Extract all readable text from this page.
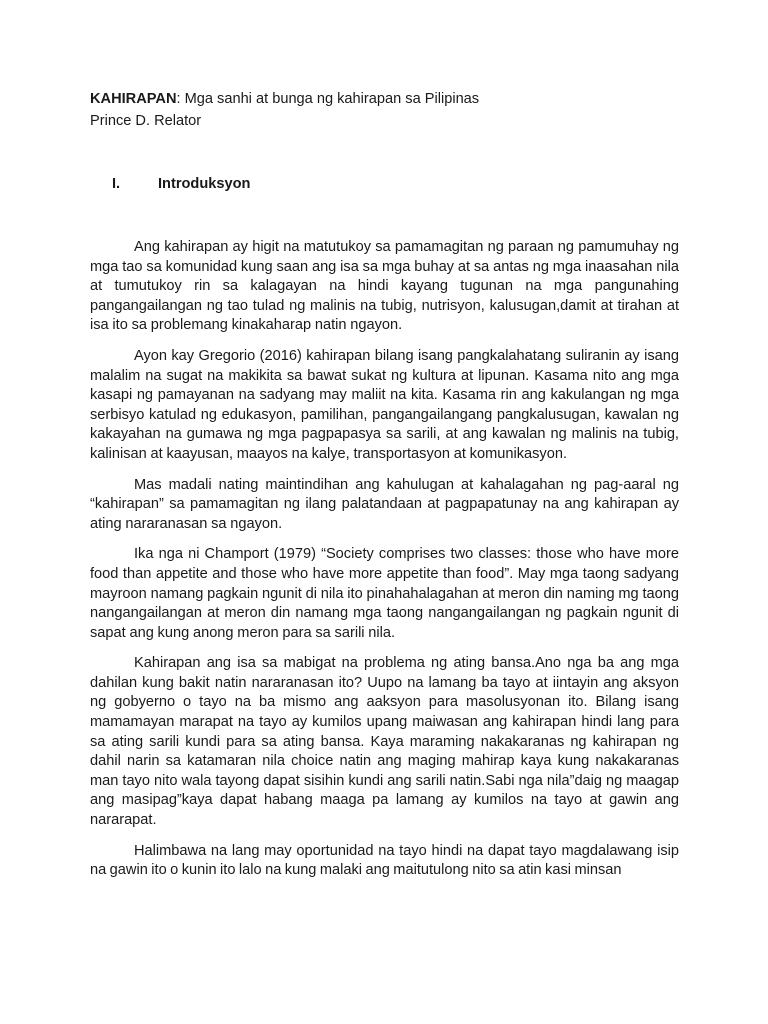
KAHIRAPAN: Mga sanhi at bunga ng kahirapan sa Pilipinas

Prince D. Relator

I.	Introduksyon

Ang kahirapan ay higit na matutukoy sa pamamagitan ng paraan ng pamumuhay ng mga tao sa komunidad kung saan ang isa sa mga buhay at sa antas ng mga inaasahan nila at tumutukoy rin sa kalagayan na hindi kayang tugunan na mga pangunahing pangangailangan ng tao tulad ng malinis na tubig, nutrisyon, kalusugan,damit at tirahan at isa ito sa problemang kinakaharap natin ngayon.

Ayon kay Gregorio (2016) kahirapan bilang isang pangkalahatang suliranin ay isang malalim na sugat na makikita sa bawat sukat ng kultura at lipunan. Kasama nito ang mga kasapi ng pamayanan na sadyang may maliit na kita. Kasama rin ang kakulangan ng mga serbisyo katulad ng edukasyon, pamilihan, pangangailangang pangkalusugan, kawalan ng kakayahan na gumawa ng mga pagpapasya sa sarili, at ang kawalan ng malinis na tubig, kalinisan at kaayusan, maayos na kalye, transportasyon at komunikasyon.

Mas madali nating maintindihan ang kahulugan at kahalagahan ng pag-aaral ng “kahirapan” sa pamamagitan ng ilang palatandaan at pagpapatunay na ang kahirapan ay ating nararanasan sa ngayon.

Ika nga ni Champort (1979) “Society comprises two classes: those who have more food than appetite and those who have more appetite than food”. May mga taong sadyang mayroon namang pagkain ngunit di nila ito pinahahalagahan at meron din naming mg taong nangangailangan at meron din namang mga taong nangangailangan ng pagkain ngunit di sapat ang kung anong meron para sa sarili nila.

Kahirapan ang isa sa mabigat na problema ng ating bansa.Ano nga ba ang mga dahilan kung bakit natin nararanasan ito? Uupo na lamang ba tayo at iintayin ang aksyon ng gobyerno o tayo na ba mismo ang aaksyon para masolusyonan ito. Bilang isang mamamayan marapat na tayo ay kumilos upang maiwasan ang kahirapan hindi lang para sa ating sarili kundi para sa ating bansa. Kaya maraming nakakaranas ng kahirapan ng dahil narin sa katamaran nila choice natin ang maging mahirap kaya kung nakakaranas man tayo nito wala tayong dapat sisihin kundi ang sarili natin.Sabi nga nila”daig ng maagap ang masipag”kaya dapat habang maaga pa lamang ay kumilos na tayo at gawin ang nararapat.

Halimbawa na lang may oportunidad na tayo hindi na dapat tayo magdalawang isip na gawin ito o kunin ito lalo na kung malaki ang maitutulong nito sa atin kasi minsan
